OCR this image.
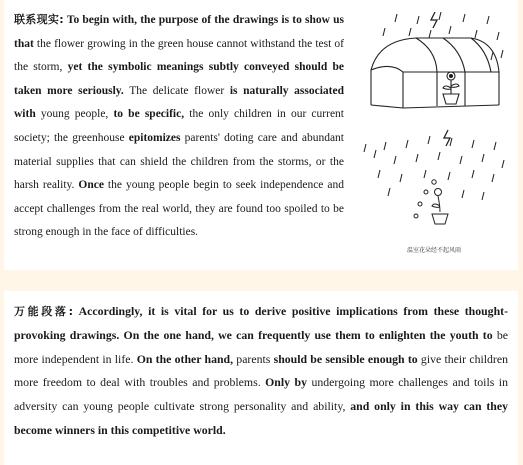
联系现实: To begin with, the purpose of the drawings is to show us that the flower growing in the green house cannot withstand the test of the storm, yet the symbolic meanings subtly conveyed should be taken more seriously. The delicate flower is naturally associated with young people, to be specific, the only children in our current society; the greenhouse epitomizes parents' doting care and abundant material supplies that can shield the children from the storms, or the harsh reality. Once the young people begin to seek independence and accept challenges from the real world, they are found too spoiled to be strong enough in the face of difficulties.
温室花朵经不起风雨
万能段落: Accordingly, it is vital for us to derive positive implications from these thought-provoking drawings. On the one hand, we can frequently use them to enlighten the youth to be more independent in life. On the other hand, parents should be sensible enough to give their children more freedom to deal with troubles and problems. Only by undergoing more challenges and toils in adversity can young people cultivate strong personality and ability, and only in this way can they become winners in this competitive world.
